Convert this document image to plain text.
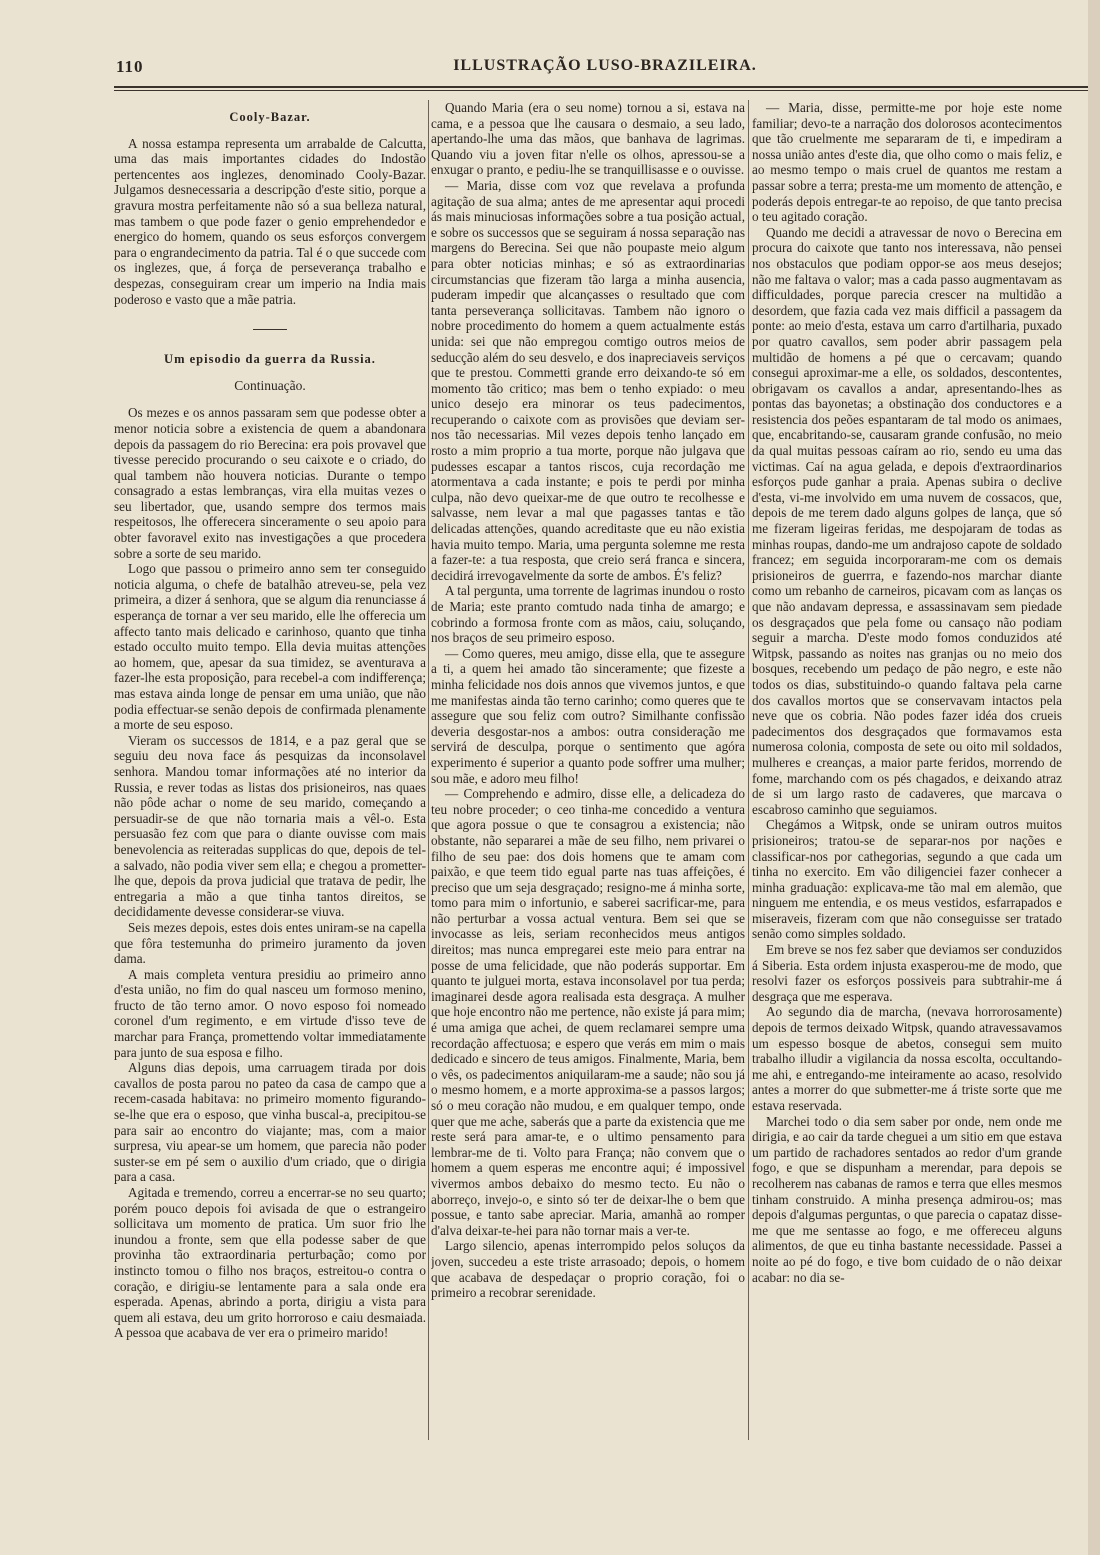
110	ILLUSTRAÇÃO LUSO-BRAZILEIRA.
Cooly-Bazar.

A nossa estampa representa um arrabalde de Calcutta, uma das mais importantes cidades do Indostão pertencentes aos inglezes, denominado Cooly-Bazar. Julgamos desnecessaria a descripção d'este sitio, porque a gravura mostra perfeitamente não só a sua belleza natural, mas tambem o que pode fazer o genio emprehendedor e energico do homem, quando os seus esforços convergem para o engrandecimento da patria. Tal é o que succede com os inglezes, que, á força de perseverança trabalho e despezas, conseguiram crear um imperio na India mais poderoso e vasto que a mãe patria.

Um episodio da guerra da Russia.
Continuação.

Os mezes e os annos passaram sem que podesse obter a menor noticia sobre a existencia de quem a abandonara depois da passagem do rio Berecina: era pois provavel que tivesse perecido procurando o seu caixote e o criado, do qual tambem não houvera noticias. Durante o tempo consagrado a estas lembranças, vira ella muitas vezes o seu libertador, que, usando sempre dos termos mais respeitosos, lhe offerecera sinceramente o seu apoio para obter favoravel exito nas investigações a que procedera sobre a sorte de seu marido.

Logo que passou o primeiro anno sem ter conseguido noticia alguma, o chefe de batalhão atreveu-se, pela vez primeira, a dizer á senhora, que se algum dia renunciasse á esperança de tornar a ver seu marido, elle lhe offerecia um affecto tanto mais delicado e carinhoso, quanto que tinha estado occulto muito tempo. Ella devia muitas attenções ao homem, que, apesar da sua timidez, se aventurava a fazer-lhe esta proposição, para recebel-a com indifferença; mas estava ainda longe de pensar em uma união, que não podia effectuar-se senão depois de confirmada plenamente a morte de seu esposo.

Vieram os successos de 1814, e a paz geral que se seguiu deu nova face ás pesquizas da inconsolavel senhora. Mandou tomar informações até no interior da Russia, e rever todas as listas dos prisioneiros, nas quaes não pôde achar o nome de seu marido, começando a persuadir-se de que não tornaria mais a vêl-o. Esta persuasão fez com que para o diante ouvisse com mais benevolencia as reiteradas supplicas do que, depois de tel-a salvado, não podia viver sem ella; e chegou a prometter-lhe que, depois da prova judicial que tratava de pedir, lhe entregaria a mão a que tinha tantos direitos, se decididamente devesse considerar-se viuva.

Seis mezes depois, estes dois entes uniram-se na capella que fôra testemunha do primeiro juramento da joven dama.

A mais completa ventura presidiu ao primeiro anno d'esta união, no fim do qual nasceu um formoso menino, fructo de tão terno amor. O novo esposo foi nomeado coronel d'um regimento, e em virtude d'isso teve de marchar para França, promettendo voltar immediatamente para junto de sua esposa e filho.

Alguns dias depois, uma carruagem tirada por dois cavallos de posta parou no pateo da casa de campo que a recem-casada habitava: no primeiro momento figurando-se-lhe que era o esposo, que vinha buscal-a, precipitou-se para sair ao encontro do viajante; mas, com a maior surpresa, viu apear-se um homem, que parecia não poder suster-se em pé sem o auxilio d'um criado, que o dirigia para a casa.

Agitada e tremendo, correu a encerrar-se no seu quarto; porém pouco depois foi avisada de que o estrangeiro sollicitava um momento de pratica. Um suor frio lhe inundou a fronte, sem que ella podesse saber de que provinha tão extraordinaria perturbação; como por instincto tomou o filho nos braços, estreitou-o contra o coração, e dirigiu-se lentamente para a sala onde era esperada. Apenas, abrindo a porta, dirigiu a vista para quem ali estava, deu um grito horroroso e caiu desmaiada. A pessoa que acabava de ver era o primeiro marido!

Quando Maria (era o seu nome) tornou a si, estava na cama, e a pessoa que lhe causara o desmaio, a seu lado, apertando-lhe uma das mãos, que banhava de lagrimas. Quando viu a joven fitar n'elle os olhos, apressou-se a enxugar o pranto, e pediu-lhe se tranquillisasse e o ouvisse.

— Maria, disse com voz que revelava a profunda agitação de sua alma; antes de me apresentar aqui procedi ás mais minuciosas informações sobre a tua posição actual, e sobre os successos que se seguiram á nossa separação nas margens do Berecina. Sei que não poupaste meio algum para obter noticias minhas; e só as extraordinarias circumstancias que fizeram tão larga a minha ausencia, puderam impedir que alcançasses o resultado que com tanta perseverança sollicitavas. Tambem não ignoro o nobre procedimento do homem a quem actualmente estás unida: sei que não empregou comtigo outros meios de seducção além do seu desvelo, e dos inapreciaveis serviços que te prestou. Commetti grande erro deixando-te só em momento tão critico; mas bem o tenho expiado: o meu unico desejo era minorar os teus padecimentos, recuperando o caixote com as provisões que deviam ser-nos tão necessarias. Mil vezes depois tenho lançado em rosto a mim proprio a tua morte, porque não julgava que pudesses escapar a tantos riscos, cuja recordação me atormentava a cada instante; e pois te perdi por minha culpa, não devo queixar-me de que outro te recolhesse e salvasse, nem levar a mal que pagasses tantas e tão delicadas attenções, quando acreditaste que eu não existia havia muito tempo. Maria, uma pergunta solemne me resta a fazer-te: a tua resposta, que creio será franca e sincera, decidirá irrevogavelmente da sorte de ambos. É's feliz?

A tal pergunta, uma torrente de lagrimas inundou o rosto de Maria; este pranto comtudo nada tinha de amargo; e cobrindo a formosa fronte com as mãos, caiu, soluçando, nos braços de seu primeiro esposo.

— Como queres, meu amigo, disse ella, que te assegure a ti, a quem hei amado tão sinceramente; que fizeste a minha felicidade nos dois annos que vivemos juntos, e que me manifestas ainda tão terno carinho; como queres que te assegure que sou feliz com outro? Similhante confissão deveria desgostar-nos a ambos: outra consideração me servirá de desculpa, porque o sentimento que agóra experimento é superior a quanto pode soffrer uma mulher; sou mãe, e adoro meu filho!

— Comprehendo e admiro, disse elle, a delicadeza do teu nobre proceder; o ceo tinha-me concedido a ventura que agora possue o que te consagrou a existencia; não obstante, não separarei a mãe de seu filho, nem privarei o filho de seu pae: dos dois homens que te amam com paixão, e que teem tido egual parte nas tuas affeições, é preciso que um seja desgraçado; resigno-me á minha sorte, tomo para mim o infortunio, e saberei sacrificar-me, para não perturbar a vossa actual ventura. Bem sei que se invocasse as leis, seriam reconhecidos meus antigos direitos; mas nunca empregarei este meio para entrar na posse de uma felicidade, que não poderás supportar. Em quanto te julguei morta, estava inconsolavel por tua perda; imaginarei desde agora realisada esta desgraça. A mulher que hoje encontro não me pertence, não existe já para mim; é uma amiga que achei, de quem reclamarei sempre uma recordação affectuosa; e espero que verás em mim o mais dedicado e sincero de teus amigos. Finalmente, Maria, bem o vês, os padecimentos aniquilaram-me a saude; não sou já o mesmo homem, e a morte approxima-se a passos largos; só o meu coração não mudou, e em qualquer tempo, onde quer que me ache, saberás que a parte da existencia que me reste será para amar-te, e o ultimo pensamento para lembrar-me de ti. Volto para França; não convem que o homem a quem esperas me encontre aqui; é impossivel vivermos ambos debaixo do mesmo tecto. Eu não o aborreço, invejo-o, e sinto só ter de deixar-lhe o bem que possue, e tanto sabe apreciar. Maria, amanhã ao romper d'alva deixar-te-hei para não tornar mais a ver-te.

Largo silencio, apenas interrompido pelos soluços da joven, succedeu a este triste arrasoado; depois, o homem que acabava de despedaçar o proprio coração, foi o primeiro a recobrar serenidade.

— Maria, disse, permitte-me por hoje este nome familiar; devo-te a narração dos dolorosos acontecimentos que tão cruelmente me separaram de ti, e impediram a nossa união antes d'este dia, que olho como o mais feliz, e ao mesmo tempo o mais cruel de quantos me restam a passar sobre a terra; presta-me um momento de attenção, e poderás depois entregar-te ao repoiso, de que tanto precisa o teu agitado coração.

Quando me decidi a atravessar de novo o Berecina em procura do caixote que tanto nos interessava, não pensei nos obstaculos que podiam oppor-se aos meus desejos; não me faltava o valor; mas a cada passo augmentavam as difficuldades, porque parecia crescer na multidão a desordem, que fazia cada vez mais difficil a passagem da ponte: ao meio d'esta, estava um carro d'artilharia, puxado por quatro cavallos, sem poder abrir passagem pela multidão de homens a pé que o cercavam; quando consegui aproximar-me a elle, os soldados, descontentes, obrigavam os cavallos a andar, apresentando-lhes as pontas das bayonetas; a obstinação dos conductores e a resistencia dos peões espantaram de tal modo os animaes, que, encabritando-se, causaram grande confusão, no meio da qual muitas pessoas caíram ao rio, sendo eu uma das victimas. Caí na agua gelada, e depois d'extraordinarios esforços pude ganhar a praia. Apenas subira o declive d'esta, vi-me involvido em uma nuvem de cossacos, que, depois de me terem dado alguns golpes de lança, que só me fizeram ligeiras feridas, me despojaram de todas as minhas roupas, dando-me um andrajoso capote de soldado francez; em seguida incorporaram-me com os demais prisioneiros de guerrra, e fazendo-nos marchar diante como um rebanho de carneiros, picavam com as lanças os que não andavam depressa, e assassinavam sem piedade os desgraçados que pela fome ou cansaço não podiam seguir a marcha. D'este modo fomos conduzidos até Witpsk, passando as noites nas granjas ou no meio dos bosques, recebendo um pedaço de pão negro, e este não todos os dias, substituindo-o quando faltava pela carne dos cavallos mortos que se conservavam intactos pela neve que os cobria. Não podes fazer idéa dos crueis padecimentos dos desgraçados que formavamos esta numerosa colonia, composta de sete ou oito mil soldados, mulheres e creanças, a maior parte feridos, morrendo de fome, marchando com os pés chagados, e deixando atraz de si um largo rasto de cadaveres, que marcava o escabroso caminho que seguiamos.

Chegámos a Witpsk, onde se uniram outros muitos prisioneiros; tratou-se de separar-nos por nações e classificar-nos por cathegorias, segundo a que cada um tinha no exercito. Em vão diligenciei fazer conhecer a minha graduação: explicava-me tão mal em alemão, que ninguem me entendia, e os meus vestidos, esfarrapados e miseraveis, fizeram com que não conseguisse ser tratado senão como simples soldado.

Em breve se nos fez saber que deviamos ser conduzidos á Siberia. Esta ordem injusta exasperou-me de modo, que resolvi fazer os esforços possiveis para subtrahir-me á desgraça que me esperava.

Ao segundo dia de marcha, (nevava horrorosamente) depois de termos deixado Witpsk, quando atravessavamos um espesso bosque de abetos, consegui sem muito trabalho illudir a vigilancia da nossa escolta, occultando-me ahi, e entregando-me inteiramente ao acaso, resolvido antes a morrer do que submetter-me á triste sorte que me estava reservada.

Marchei todo o dia sem saber por onde, nem onde me dirigia, e ao cair da tarde cheguei a um sitio em que estava um partido de rachadores sentados ao redor d'um grande fogo, e que se dispunham a merendar, para depois se recolherem nas cabanas de ramos e terra que elles mesmos tinham construido. A minha presença admirou-os; mas depois d'algumas perguntas, o que parecia o capataz disse-me que me sentasse ao fogo, e me offereceu alguns alimentos, de que eu tinha bastante necessidade. Passei a noite ao pé do fogo, e tive bom cuidado de o não deixar acabar: no dia se-
